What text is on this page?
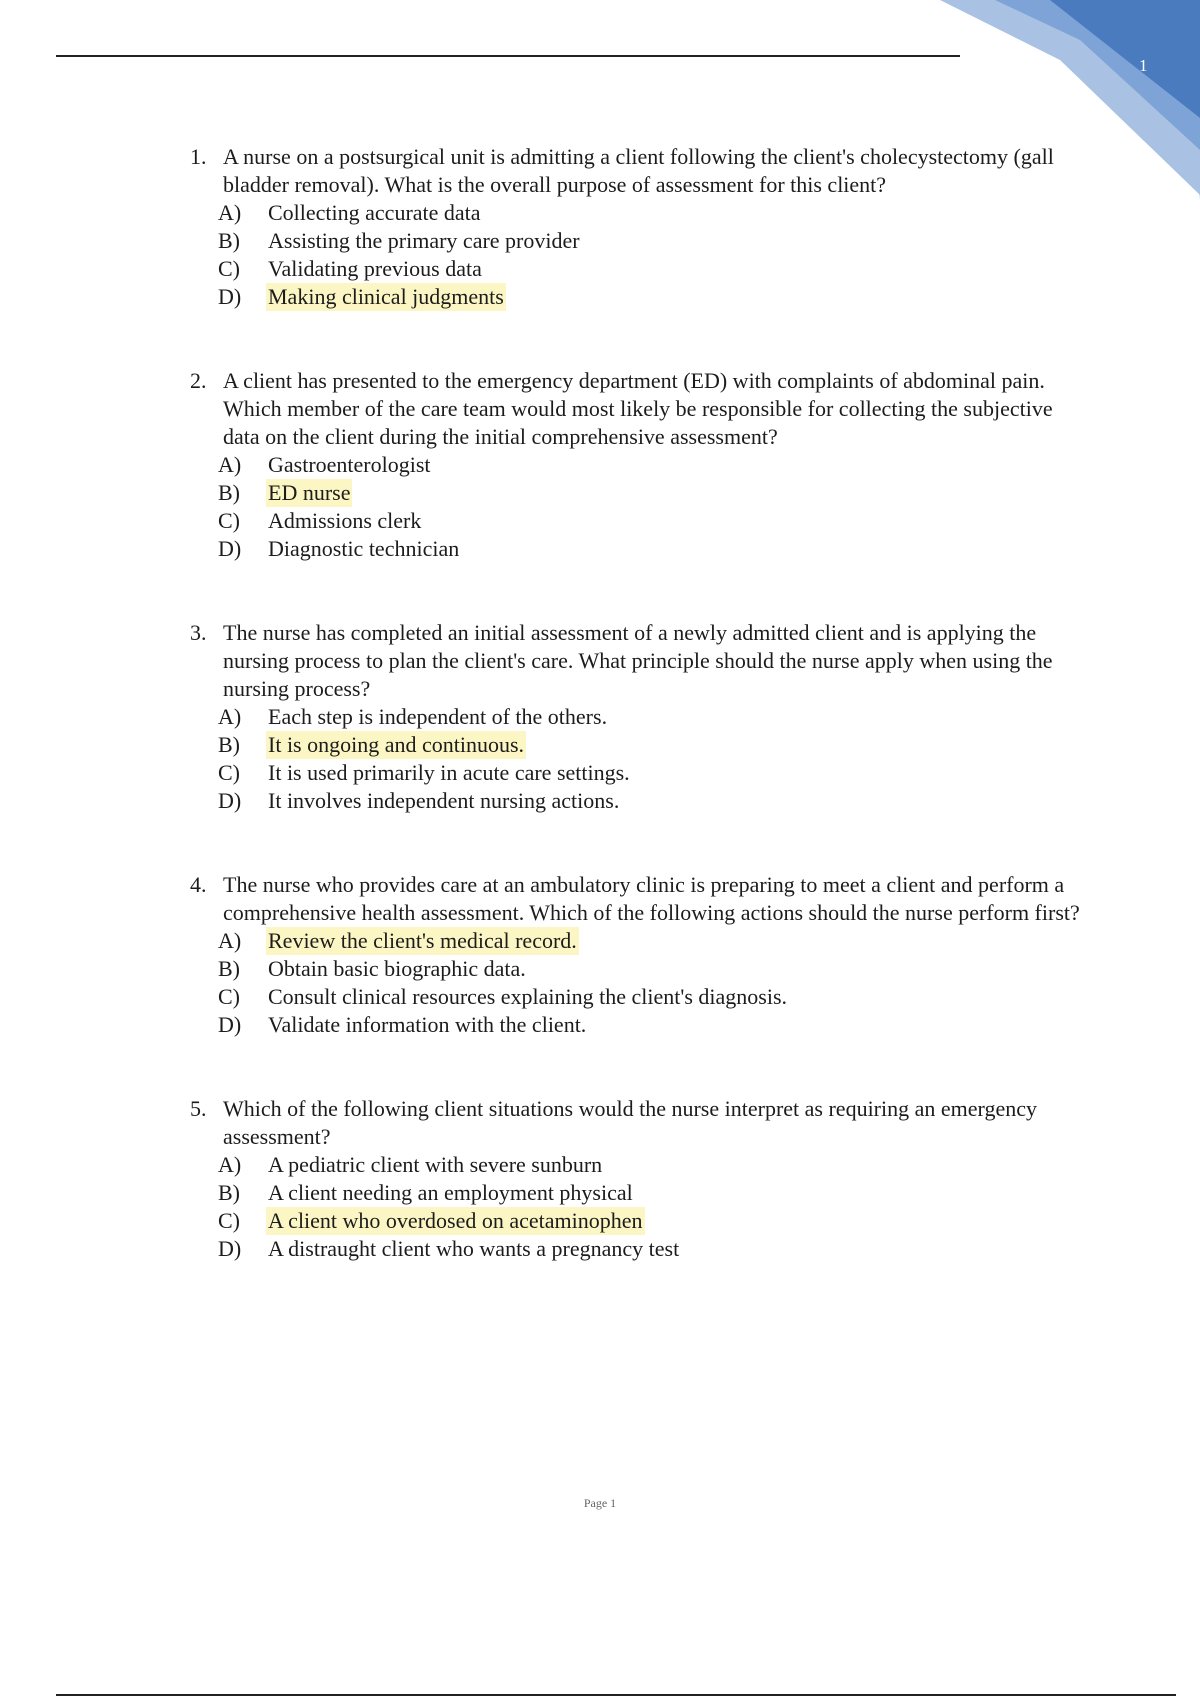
1
1. A nurse on a postsurgical unit is admitting a client following the client's cholecystectomy (gall bladder removal). What is the overall purpose of assessment for this client?
A)	Collecting accurate data
B)	Assisting the primary care provider
C)	Validating previous data
D)	Making clinical judgments
2. A client has presented to the emergency department (ED) with complaints of abdominal pain. Which member of the care team would most likely be responsible for collecting the subjective data on the client during the initial comprehensive assessment?
A)	Gastroenterologist
B)	ED nurse
C)	Admissions clerk
D)	Diagnostic technician
3. The nurse has completed an initial assessment of a newly admitted client and is applying the nursing process to plan the client's care. What principle should the nurse apply when using the nursing process?
A)	Each step is independent of the others.
B)	It is ongoing and continuous.
C)	It is used primarily in acute care settings.
D)	It involves independent nursing actions.
4. The nurse who provides care at an ambulatory clinic is preparing to meet a client and perform a comprehensive health assessment. Which of the following actions should the nurse perform first?
A)	Review the client's medical record.
B)	Obtain basic biographic data.
C)	Consult clinical resources explaining the client's diagnosis.
D)	Validate information with the client.
5. Which of the following client situations would the nurse interpret as requiring an emergency assessment?
A)	A pediatric client with severe sunburn
B)	A client needing an employment physical
C)	A client who overdosed on acetaminophen
D)	A distraught client who wants a pregnancy test
Page 1
